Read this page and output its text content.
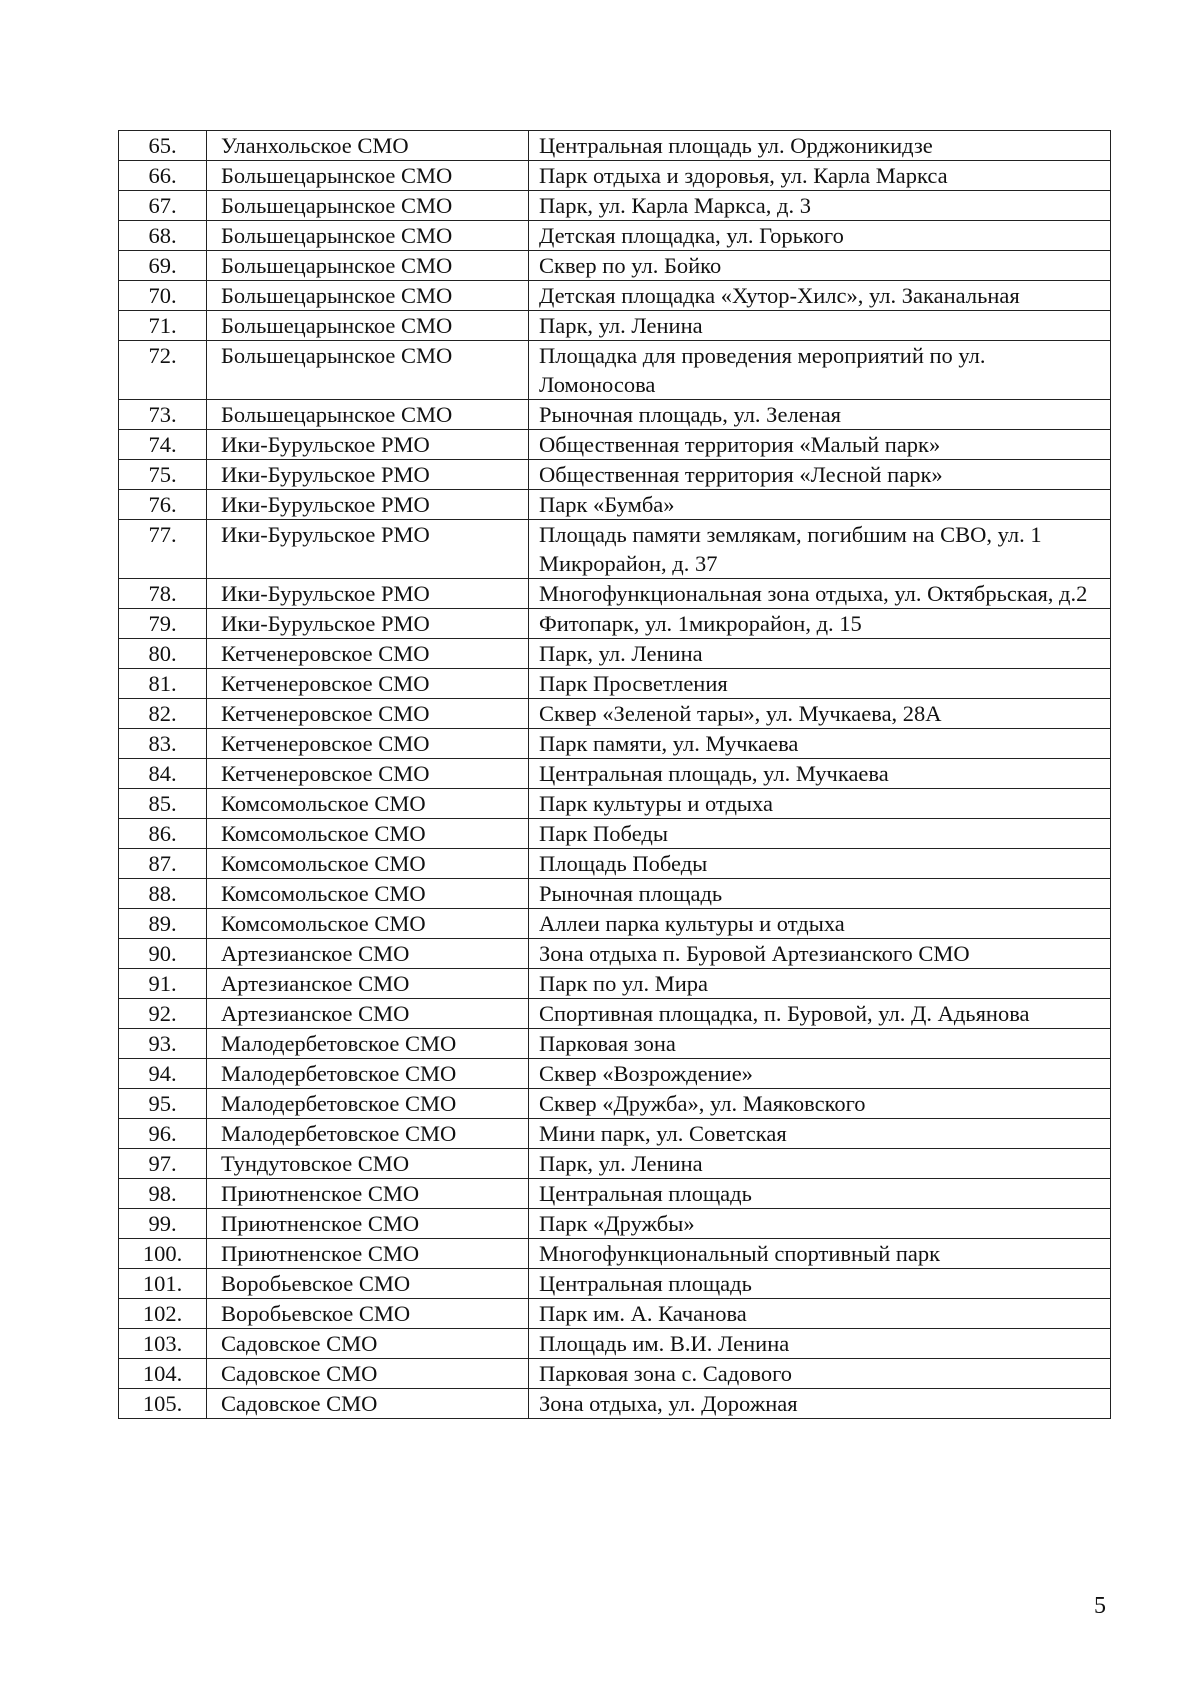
65.	Уланхольское СМО	Центральная площадь ул. Орджоникидзе
66.	Большецарынское СМО	Парк отдыха и здоровья, ул. Карла Маркса
67.	Большецарынское СМО	Парк, ул. Карла Маркса, д. 3
68.	Большецарынское СМО	Детская площадка, ул. Горького
69.	Большецарынское СМО	Сквер по ул. Бойко
70.	Большецарынское СМО	Детская площадка «Хутор-Хилс», ул. Заканальная
71.	Большецарынское СМО	Парк, ул. Ленина
72.	Большецарынское СМО	Площадка для проведения мероприятий по ул. Ломоносова
73.	Большецарынское СМО	Рыночная площадь, ул. Зеленая
74.	Ики-Бурульское РМО	Общественная территория «Малый парк»
75.	Ики-Бурульское РМО	Общественная территория «Лесной парк»
76.	Ики-Бурульское РМО	Парк «Бумба»
77.	Ики-Бурульское РМО	Площадь памяти землякам, погибшим на СВО, ул. 1 Микрорайон, д. 37
78.	Ики-Бурульское РМО	Многофункциональная зона отдыха, ул. Октябрьская, д.2
79.	Ики-Бурульское РМО	Фитопарк, ул. 1микрорайон, д. 15
80.	Кетченеровское СМО	Парк, ул. Ленина
81.	Кетченеровское СМО	Парк Просветления
82.	Кетченеровское СМО	Сквер «Зеленой тары», ул. Мучкаева, 28А
83.	Кетченеровское СМО	Парк памяти, ул. Мучкаева
84.	Кетченеровское СМО	Центральная площадь, ул. Мучкаева
85.	Комсомольское СМО	Парк культуры и отдыха
86.	Комсомольское СМО	Парк Победы
87.	Комсомольское СМО	Площадь Победы
88.	Комсомольское СМО	Рыночная площадь
89.	Комсомольское СМО	Аллеи парка культуры и отдыха
90.	Артезианское СМО	Зона отдыха п. Буровой Артезианского СМО
91.	Артезианское СМО	Парк по ул. Мира
92.	Артезианское СМО	Спортивная площадка, п. Буровой, ул. Д. Адьянова
93.	Малодербетовское СМО	Парковая зона
94.	Малодербетовское СМО	Сквер «Возрождение»
95.	Малодербетовское СМО	Сквер «Дружба», ул. Маяковского
96.	Малодербетовское СМО	Мини парк, ул. Советская
97.	Тундутовское СМО	Парк, ул. Ленина
98.	Приютненское СМО	Центральная площадь
99.	Приютненское СМО	Парк «Дружбы»
100.	Приютненское СМО	Многофункциональный спортивный парк
101.	Воробьевское СМО	Центральная площадь
102.	Воробьевское СМО	Парк им. А. Качанова
103.	Садовское СМО	Площадь им. В.И. Ленина
104.	Садовское СМО	Парковая зона с. Садового
105.	Садовское СМО	Зона отдыха, ул. Дорожная
5
